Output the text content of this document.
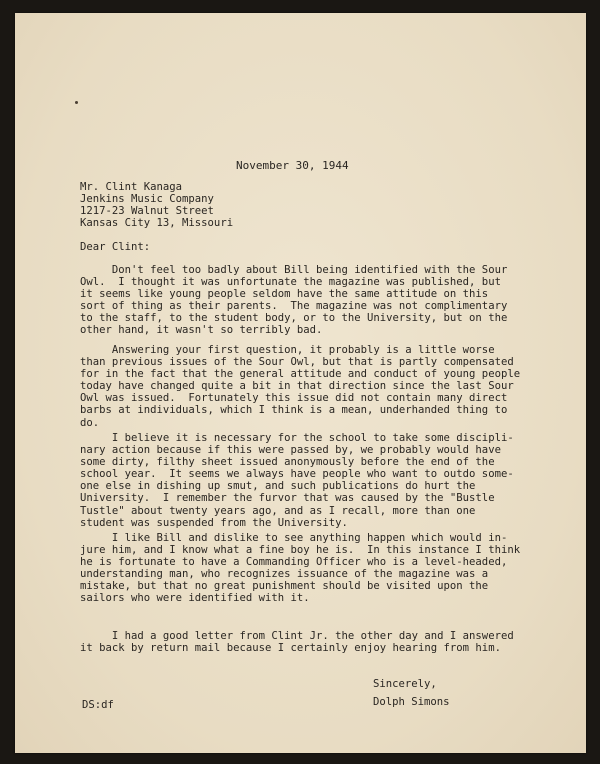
November 30, 1944
Mr. Clint Kanaga
Jenkins Music Company
1217-23 Walnut Street
Kansas City 13, Missouri
Dear Clint:
Don't feel too badly about Bill being identified with the Sour
Owl.  I thought it was unfortunate the magazine was published, but
it seems like young people seldom have the same attitude on this
sort of thing as their parents.  The magazine was not complimentary
to the staff, to the student body, or to the University, but on the
other hand, it wasn't so terribly bad.
Answering your first question, it probably is a little worse
than previous issues of the Sour Owl, but that is partly compensated
for in the fact that the general attitude and conduct of young people
today have changed quite a bit in that direction since the last Sour
Owl was issued.  Fortunately this issue did not contain many direct
barbs at individuals, which I think is a mean, underhanded thing to
do.
I believe it is necessary for the school to take some discipli-
nary action because if this were passed by, we probably would have
some dirty, filthy sheet issued anonymously before the end of the
school year.  It seems we always have people who want to outdo some-
one else in dishing up smut, and such publications do hurt the
University.  I remember the furvor that was caused by the "Bustle
Tustle" about twenty years ago, and as I recall, more than one
student was suspended from the University.
I like Bill and dislike to see anything happen which would in-
jure him, and I know what a fine boy he is.  In this instance I think
he is fortunate to have a Commanding Officer who is a level-headed,
understanding man, who recognizes issuance of the magazine was a
mistake, but that no great punishment should be visited upon the
sailors who were identified with it.
I had a good letter from Clint Jr. the other day and I answered
it back by return mail because I certainly enjoy hearing from him.
Sincerely,
DS:df	Dolph Simons
